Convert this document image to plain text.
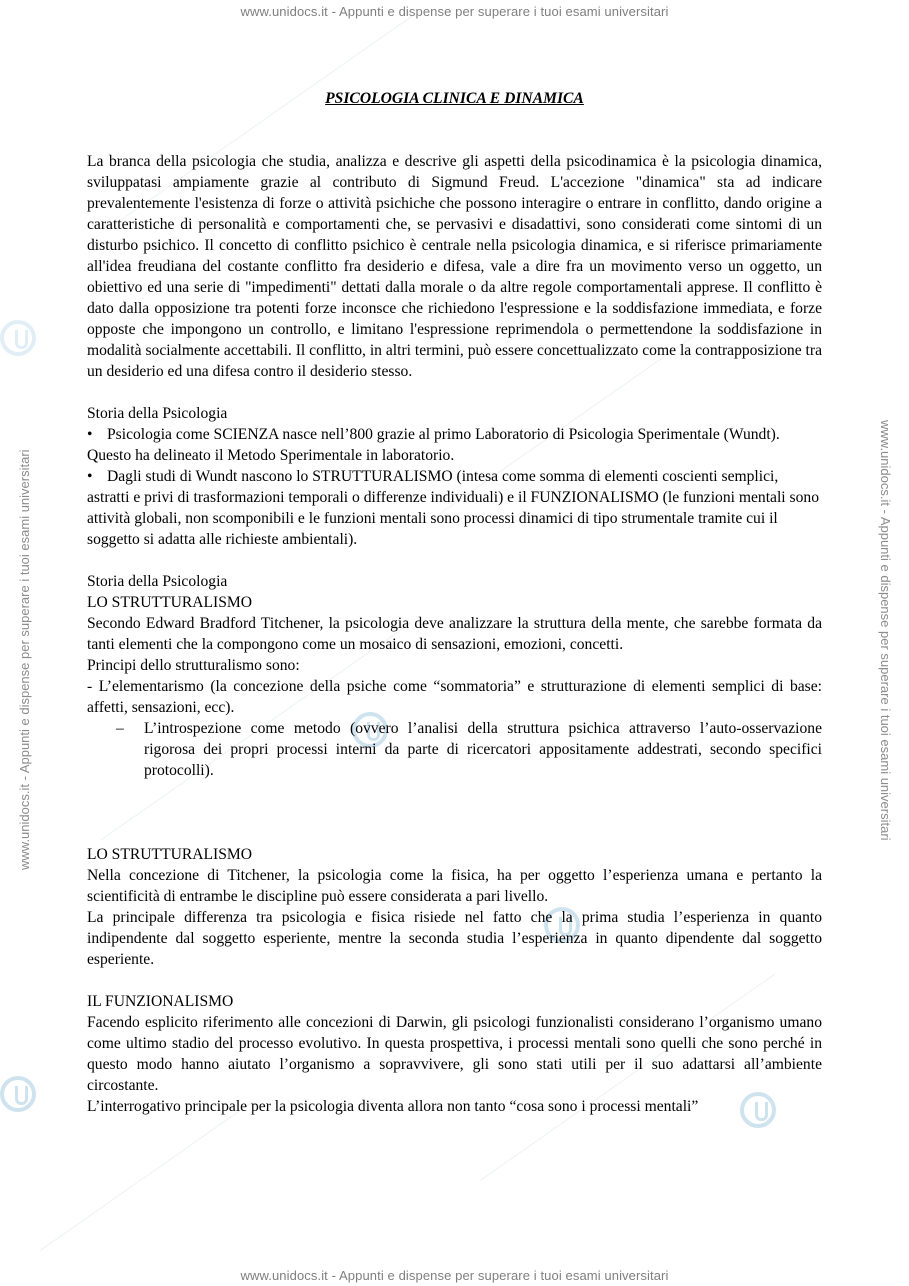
www.unidocs.it - Appunti e dispense per superare i tuoi esami universitari
www.unidocs.it - Appunti e dispense per superare i tuoi esami universitari
www.unidocs.it - Appunti e dispense per superare i tuoi esami universitari	www.unidocs.it - Appunti e dispense per superare i tuoi esami universitari
PSICOLOGIA CLINICA E DINAMICA

La branca della psicologia che studia, analizza e descrive gli aspetti della psicodinamica è la psicologia dinamica, sviluppatasi ampiamente grazie al contributo di Sigmund Freud. L'accezione "dinamica" sta ad indicare prevalentemente l'esistenza di forze o attività psichiche che possono interagire o entrare in conflitto, dando origine a caratteristiche di personalità e comportamenti che, se pervasivi e disadattivi, sono considerati come sintomi di un disturbo psichico. Il concetto di conflitto psichico è centrale nella psicologia dinamica, e si riferisce primariamente all'idea freudiana del costante conflitto fra desiderio e difesa, vale a dire fra un movimento verso un oggetto, un obiettivo ed una serie di "impedimenti" dettati dalla morale o da altre regole comportamentali apprese. Il conflitto è dato dalla opposizione tra potenti forze inconsce che richiedono l'espressione e la soddisfazione immediata, e forze opposte che impongono un controllo, e limitano l'espressione reprimendola o permettendone la soddisfazione in modalità socialmente accettabili. Il conflitto, in altri termini, può essere concettualizzato come la contrapposizione tra un desiderio ed una difesa contro il desiderio stesso.

Storia della Psicologia

• Psicologia come SCIENZA nasce nell’800 grazie al primo Laboratorio di Psicologia Sperimentale (Wundt). Questo ha delineato il Metodo Sperimentale in laboratorio.

• Dagli studi di Wundt nascono lo STRUTTURALISMO (intesa come somma di elementi coscienti semplici, astratti e privi di trasformazioni temporali o differenze individuali) e il FUNZIONALISMO (le funzioni mentali sono attività globali, non scomponibili e le funzioni mentali sono processi dinamici di tipo strumentale tramite cui il soggetto si adatta alle richieste ambientali).

Storia della Psicologia

LO STRUTTURALISMO

Secondo Edward Bradford Titchener, la psicologia deve analizzare la struttura della mente, che sarebbe formata da tanti elementi che la compongono come un mosaico di sensazioni, emozioni, concetti.

Principi dello strutturalismo sono:

- L’elementarismo (la concezione della psiche come “sommatoria” e strutturazione di elementi semplici di base: affetti, sensazioni, ecc).

– L’introspezione come metodo (ovvero l’analisi della struttura psichica attraverso l’auto-osservazione rigorosa dei propri processi interni da parte di ricercatori appositamente addestrati, secondo specifici protocolli).

LO STRUTTURALISMO

Nella concezione di Titchener, la psicologia come la fisica, ha per oggetto l’esperienza umana e pertanto la scientificità di entrambe le discipline può essere considerata a pari livello.

La principale differenza tra psicologia e fisica risiede nel fatto che la prima studia l’esperienza in quanto indipendente dal soggetto esperiente, mentre la seconda studia l’esperienza in quanto dipendente dal soggetto esperiente.

IL FUNZIONALISMO

Facendo esplicito riferimento alle concezioni di Darwin, gli psicologi funzionalisti considerano l’organismo umano come ultimo stadio del processo evolutivo. In questa prospettiva, i processi mentali sono quelli che sono perché in questo modo hanno aiutato l’organismo a sopravvivere, gli sono stati utili per il suo adattarsi all’ambiente circostante.

L’interrogativo principale per la psicologia diventa allora non tanto “cosa sono i processi mentali”
